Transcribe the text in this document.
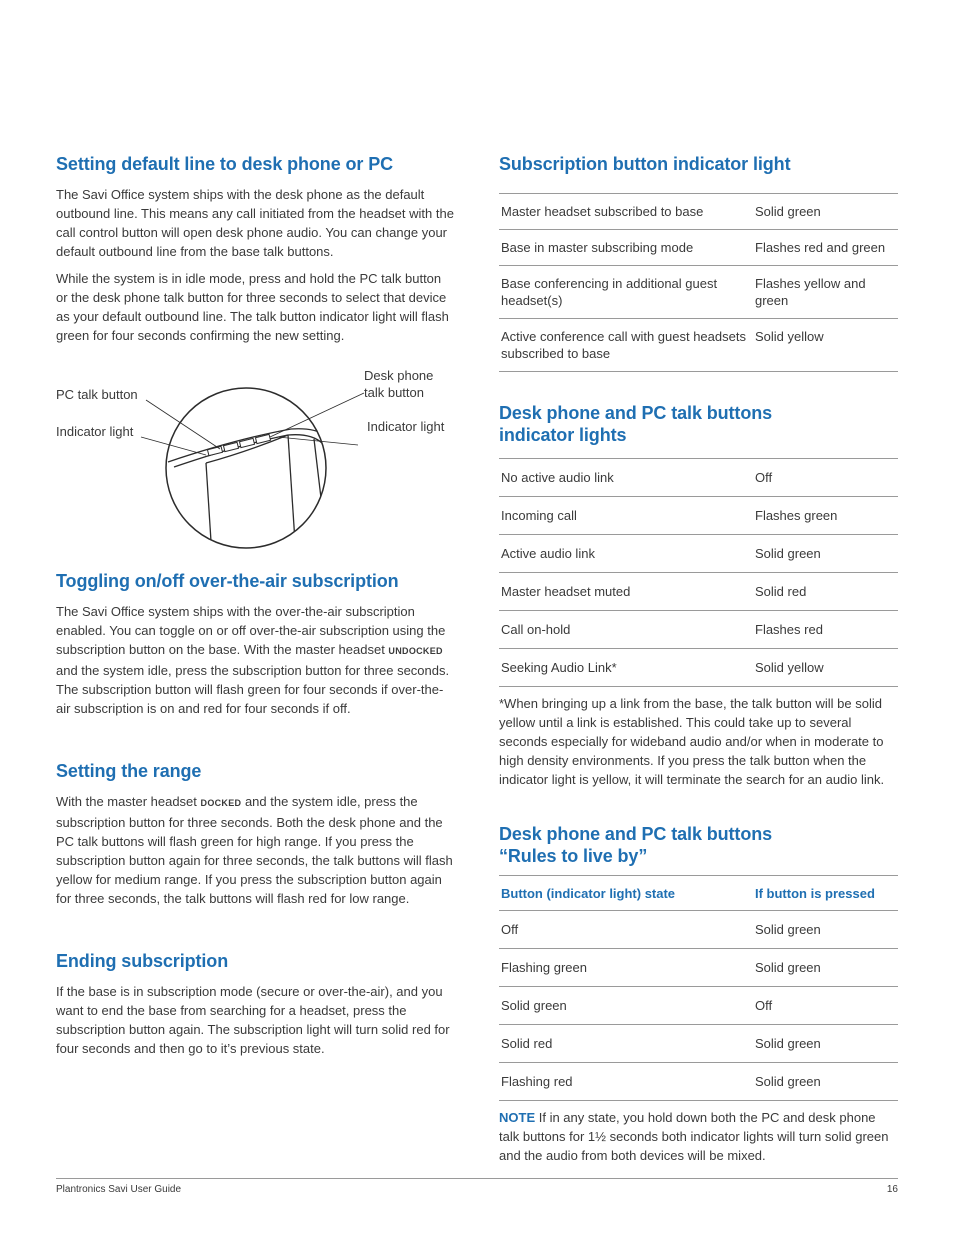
Setting default line to desk phone or PC

The Savi Office system ships with the desk phone as the default outbound line. This means any call initiated from the headset with the call control button will open desk phone audio. You can change your default outbound line from the base talk buttons.

While the system is in idle mode, press and hold the PC talk button or the desk phone talk button for three seconds to select that device as your default outbound line. The talk button indicator light will flash green for four seconds confirming the new setting.

PC talk button
Indicator light
Desk phone
talk button
Indicator light
Toggling on/off over-the-air subscription

The Savi Office system ships with the over-the-air subscription enabled. You can toggle on or off over-the-air subscription using the subscription button on the base. With the master headset UNDOCKED and the system idle, press the subscription button for three seconds. The subscription button will flash green for four seconds if over-the-air subscription is on and red for four seconds if off.

Setting the range

With the master headset DOCKED and the system idle, press the subscription button for three seconds. Both the desk phone and the PC talk buttons will flash green for high range. If you press the subscription button again for three seconds, the talk buttons will flash yellow for medium range. If you press the subscription button again for three seconds, the talk buttons will flash red for low range.

Ending subscription

If the base is in subscription mode (secure or over-the-air), and you want to end the base from searching for a headset, press the subscription button again. The subscription light will turn solid red for four seconds and then go to it’s previous state.

Subscription button indicator light
Master headset subscribed to base	Solid green
Base in master subscribing mode	Flashes red and green
Base conferencing in additional guest headset(s)	Flashes yellow and green
Active conference call with guest headsets subscribed to base	Solid yellow
Desk phone and PC talk buttons
indicator lights
No active audio link	Off
Incoming call	Flashes green
Active audio link	Solid green
Master headset muted	Solid red
Call on-hold	Flashes red
Seeking Audio Link*	Solid yellow

*When bringing up a link from the base, the talk button will be solid yellow until a link is established. This could take up to several seconds especially for wideband audio and/or when in moderate to high density environments. If you press the talk button when the indicator light is yellow, it will terminate the search for an audio link.

Desk phone and PC talk buttons
“Rules to live by”
Button (indicator light) state	If button is pressed
Off	Solid green
Flashing green	Solid green
Solid green	Off
Solid red	Solid green
Flashing red	Solid green

NOTE If in any state, you hold down both the PC and desk phone talk buttons for 1½ seconds both indicator lights will turn solid green and the audio from both devices will be mixed.

Plantronics Savi User Guide	16
